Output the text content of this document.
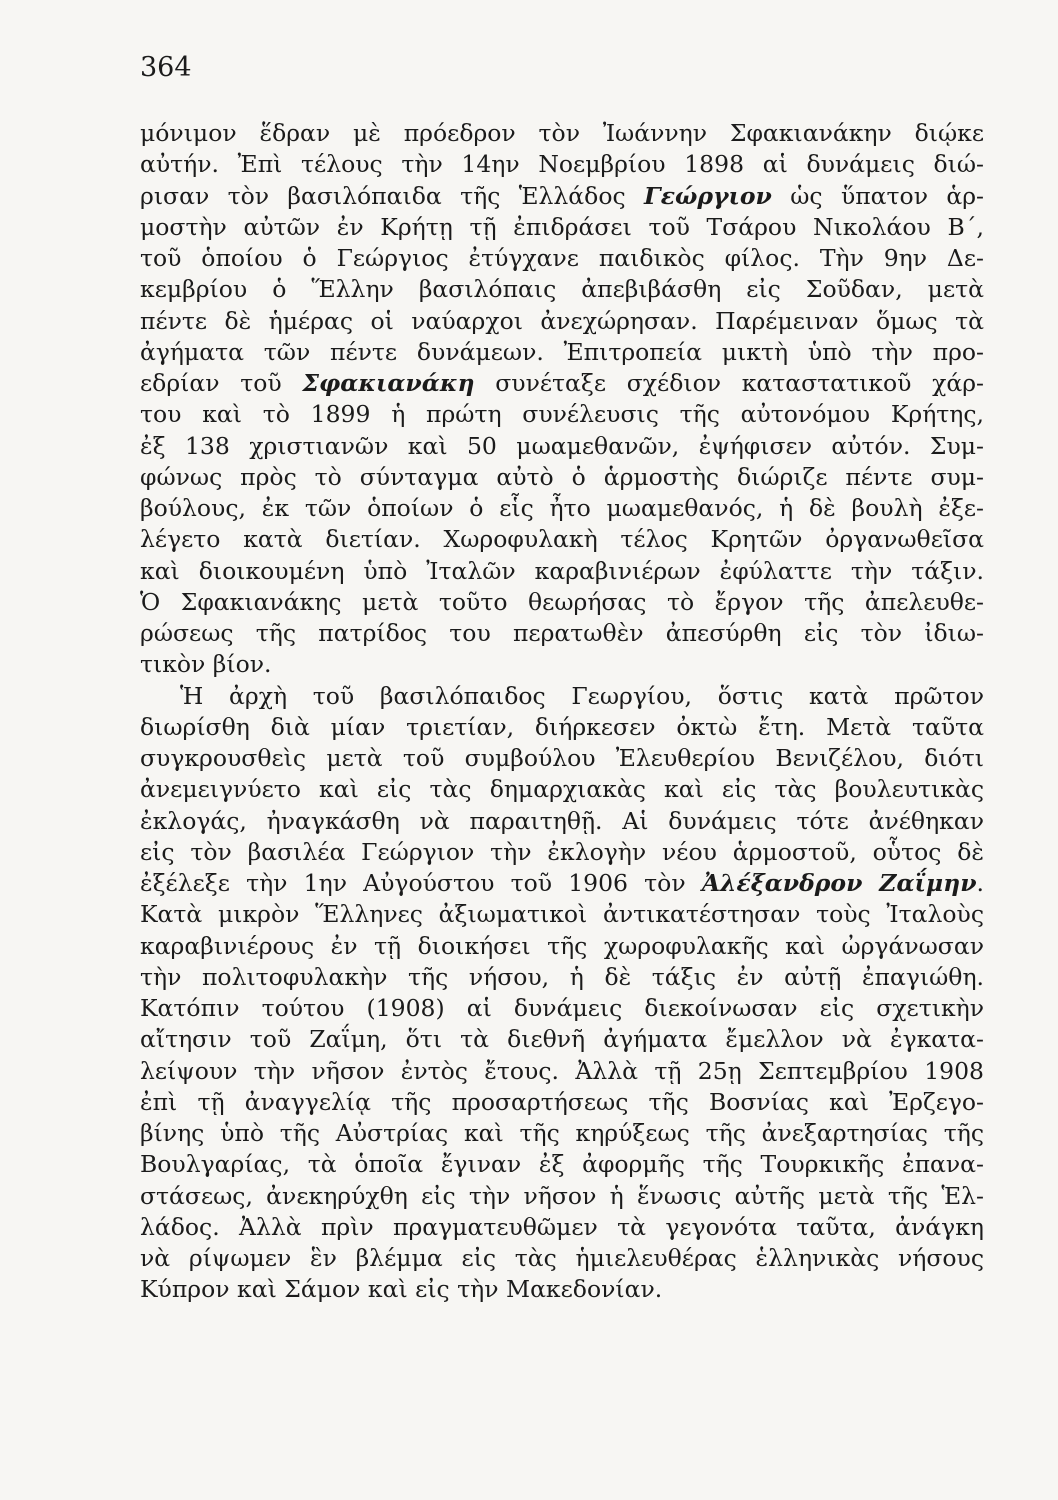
364
μόνιμον ἕδραν μὲ πρόεδρον τὸν Ἰωάννην Σφακιανάκην διῴκε
αὐτήν. Ἐπὶ τέλους τὴν 14ην Νοεμβρίου 1898 αἱ δυνάμεις διώ-
ρισαν τὸν βασιλόπαιδα τῆς Ἑλλάδος Γεώργιον ὡς ὕπατον ἁρ-
μοστὴν αὐτῶν ἐν Κρήτῃ τῇ ἐπιδράσει τοῦ Τσάρου Νικολάου Β΄,
τοῦ ὁποίου ὁ Γεώργιος ἐτύγχανε παιδικὸς φίλος. Τὴν 9ην Δε-
κεμβρίου ὁ Ἕλλην βασιλόπαις ἀπεβιβάσθη εἰς Σοῦδαν, μετὰ
πέντε δὲ ἡμέρας οἱ ναύαρχοι ἀνεχώρησαν. Παρέμειναν ὅμως τὰ
ἀγήματα τῶν πέντε δυνάμεων. Ἐπιτροπεία μικτὴ ὑπὸ τὴν προ-
εδρίαν τοῦ Σφακιανάκη συνέταξε σχέδιον καταστατικοῦ χάρ-
του καὶ τὸ 1899 ἡ πρώτη συνέλευσις τῆς αὐτονόμου Κρήτης,
ἐξ 138 χριστιανῶν καὶ 50 μωαμεθανῶν, ἐψήφισεν αὐτόν. Συμ-
φώνως πρὸς τὸ σύνταγμα αὐτὸ ὁ ἁρμοστὴς διώριζε πέντε συμ-
βούλους, ἐκ τῶν ὁποίων ὁ εἷς ἦτο μωαμεθανός, ἡ δὲ βουλὴ ἐξε-
λέγετο κατὰ διετίαν. Χωροφυλακὴ τέλος Κρητῶν ὀργανωθεῖσα
καὶ διοικουμένη ὑπὸ Ἰταλῶν καραβινιέρων ἐφύλαττε τὴν τάξιν.
Ὁ Σφακιανάκης μετὰ τοῦτο θεωρήσας τὸ ἔργον τῆς ἀπελευθε-
ρώσεως τῆς πατρίδος του περατωθὲν ἀπεσύρθη εἰς τὸν ἰδιω-
τικὸν βίον.
Ἡ ἀρχὴ τοῦ βασιλόπαιδος Γεωργίου, ὅστις κατὰ πρῶτον
διωρίσθη διὰ μίαν τριετίαν, διήρκεσεν ὀκτὼ ἔτη. Μετὰ ταῦτα
συγκρουσθεὶς μετὰ τοῦ συμβούλου Ἐλευθερίου Βενιζέλου, διότι
ἀνεμειγνύετο καὶ εἰς τὰς δημαρχιακὰς καὶ εἰς τὰς βουλευτικὰς
ἐκλογάς, ἠναγκάσθη νὰ παραιτηθῇ. Αἱ δυνάμεις τότε ἀνέθηκαν
εἰς τὸν βασιλέα Γεώργιον τὴν ἐκλογὴν νέου ἁρμοστοῦ, οὗτος δὲ
ἐξέλεξε τὴν 1ην Αὐγούστου τοῦ 1906 τὸν Ἀλέξανδρον Ζαΐμην.
Κατὰ μικρὸν Ἕλληνες ἀξιωματικοὶ ἀντικατέστησαν τοὺς Ἰταλοὺς
καραβινιέρους ἐν τῇ διοικήσει τῆς χωροφυλακῆς καὶ ὠργάνωσαν
τὴν πολιτοφυλακὴν τῆς νήσου, ἡ δὲ τάξις ἐν αὐτῇ ἐπαγιώθη.
Κατόπιν τούτου (1908) αἱ δυνάμεις διεκοίνωσαν εἰς σχετικὴν
αἴτησιν τοῦ Ζαΐμη, ὅτι τὰ διεθνῆ ἀγήματα ἔμελλον νὰ ἐγκατα-
λείψουν τὴν νῆσον ἐντὸς ἔτους. Ἀλλὰ τῇ 25ῃ Σεπτεμβρίου 1908
ἐπὶ τῇ ἀναγγελίᾳ τῆς προσαρτήσεως τῆς Βοσνίας καὶ Ἐρζεγο-
βίνης ὑπὸ τῆς Αὐστρίας καὶ τῆς κηρύξεως τῆς ἀνεξαρτησίας τῆς
Βουλγαρίας, τὰ ὁποῖα ἔγιναν ἐξ ἀφορμῆς τῆς Τουρκικῆς ἐπανα-
στάσεως, ἀνεκηρύχθη εἰς τὴν νῆσον ἡ ἕνωσις αὐτῆς μετὰ τῆς Ἑλ-
λάδος. Ἀλλὰ πρὶν πραγματευθῶμεν τὰ γεγονότα ταῦτα, ἀνάγκη
νὰ ρίψωμεν ἓν βλέμμα εἰς τὰς ἡμιελευθέρας ἑλληνικὰς νήσους
Κύπρον καὶ Σάμον καὶ εἰς τὴν Μακεδονίαν.
